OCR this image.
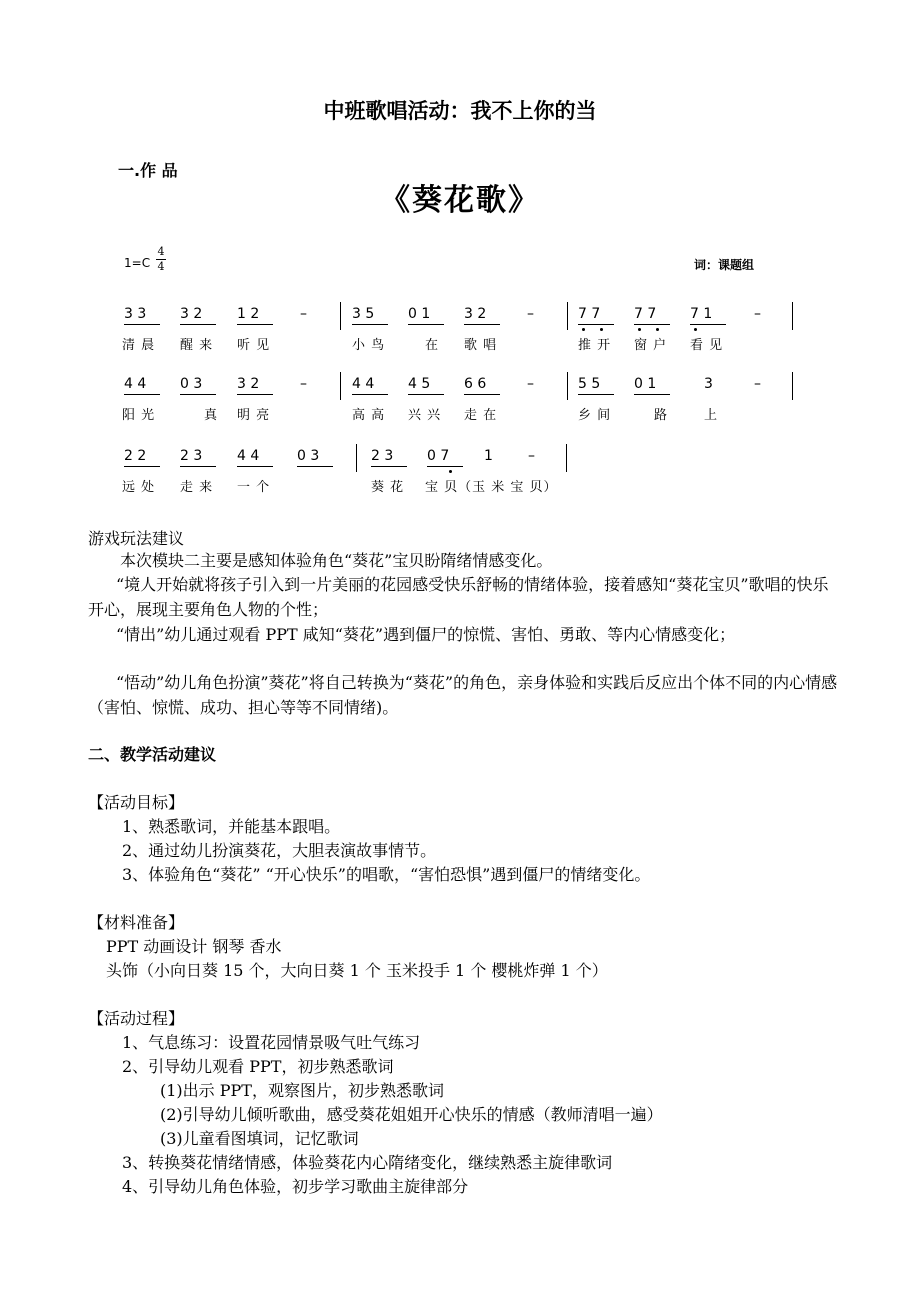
中班歌唱活动：我不上你的当
一.作 品
《葵花歌》
1=C
4
4	词：课题组
3 3 3 2 1 2	–	3 5 0 1 3 2	–	7 7 7 7 7 1	–
清 晨 醒 来 听 见	小 鸟	在 歌 唱	推 开 窗 户 看 见
4 4 0 3 3 2	–	4 4 4 5 6 6	–	5 5 0 1	3	–
阳 光	真 明 亮	高 高 兴 兴 走 在	乡 间	路	上
2 2 2 3 4 4	0 3	2 3 0 7 1	–
远 处 走 来 一 个	葵 花 宝 贝（玉 米 宝 贝）
游戏玩法建议
本次模块二主要是感知体验角色“葵花”宝贝盼隋绪情感变化。
“境人开始就将孩子引入到一片美丽的花园感受快乐舒畅的情绪体验，接着感知“葵花宝贝”歌唱的快乐开心，展现主要角色人物的个性；
“情出”幼儿通过观看 PPT 咸知“葵花”遇到僵尸的惊慌、害怕、勇敢、等内心情感变化；
“悟动”幼儿角色扮演”葵花”将自己转换为“葵花”的角色，亲身体验和实践后反应出个体不同的内心情感（害怕、惊慌、成功、担心等等不同情绪)。
二、教学活动建议
【活动目标】
1、熟悉歌词，并能基本跟唱。
2、通过幼儿扮演葵花，大胆表演故事情节。
3、体验角色“葵花” “开心快乐”的唱歌，“害怕恐惧”遇到僵尸的情绪变化。
【材料准备】
PPT 动画设计 钢琴 香水
头饰（小向日葵 15 个，大向日葵 1 个 玉米投手 1 个 樱桃炸弹 1 个）
【活动过程】
1、气息练习：设置花园情景吸气吐气练习
2、引导幼儿观看 PPT，初步熟悉歌词
(1)出示 PPT，观察图片，初步熟悉歌词
(2)引导幼儿倾听歌曲，感受葵花姐姐开心快乐的情感（教师清唱一遍）
(3)儿童看图填词，记忆歌词
3、转换葵花情绪情感，体验葵花内心隋绪变化，继续熟悉主旋律歌词
4、引导幼儿角色体验，初步学习歌曲主旋律部分
